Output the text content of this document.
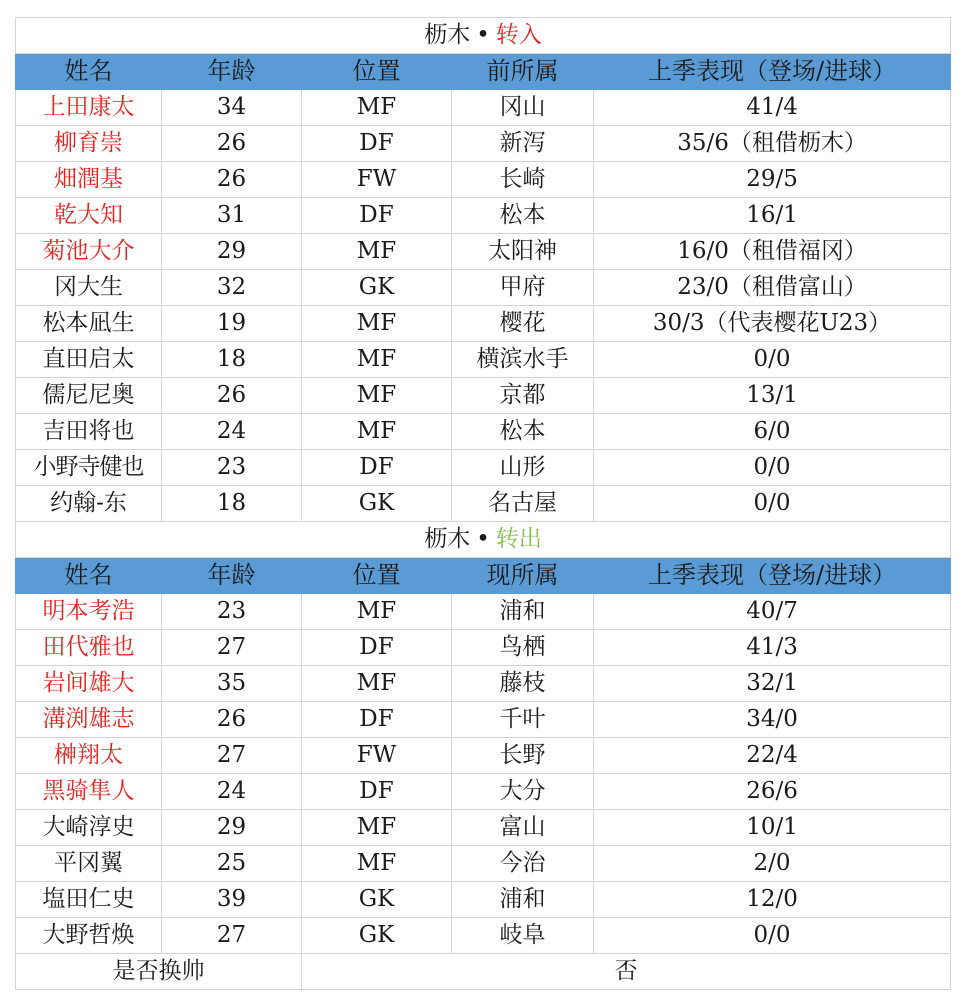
枥木 • 转入				
姓名	年龄	位置	前所属	上季表现（登场/进球）
上田康太	34	MF	冈山	41/4
柳育崇	26	DF	新泻	35/6（租借枥木）
畑潤基	26	FW	长崎	29/5
乾大知	31	DF	松本	16/1
菊池大介	29	MF	太阳神	16/0（租借福冈）
冈大生	32	GK	甲府	23/0（租借富山）
松本凪生	19	MF	樱花	30/3（代表樱花U23）
直田启太	18	MF	横滨水手	0/0
儒尼尼奥	26	MF	京都	13/1
吉田将也	24	MF	松本	6/0
小野寺健也	23	DF	山形	0/0
约翰-东	18	GK	名古屋	0/0
枥木 • 转出				
姓名	年龄	位置	现所属	上季表现（登场/进球）
明本考浩	23	MF	浦和	40/7
田代雅也	27	DF	鸟栖	41/3
岩间雄大	35	MF	藤枝	32/1
溝渕雄志	26	DF	千叶	34/0
榊翔太	27	FW	长野	22/4
黑骑隼人	24	DF	大分	26/6
大崎淳史	29	MF	富山	10/1
平冈翼	25	MF	今治	2/0
塩田仁史	39	GK	浦和	12/0
大野哲焕	27	GK	岐阜	0/0
是否换帅		否		
